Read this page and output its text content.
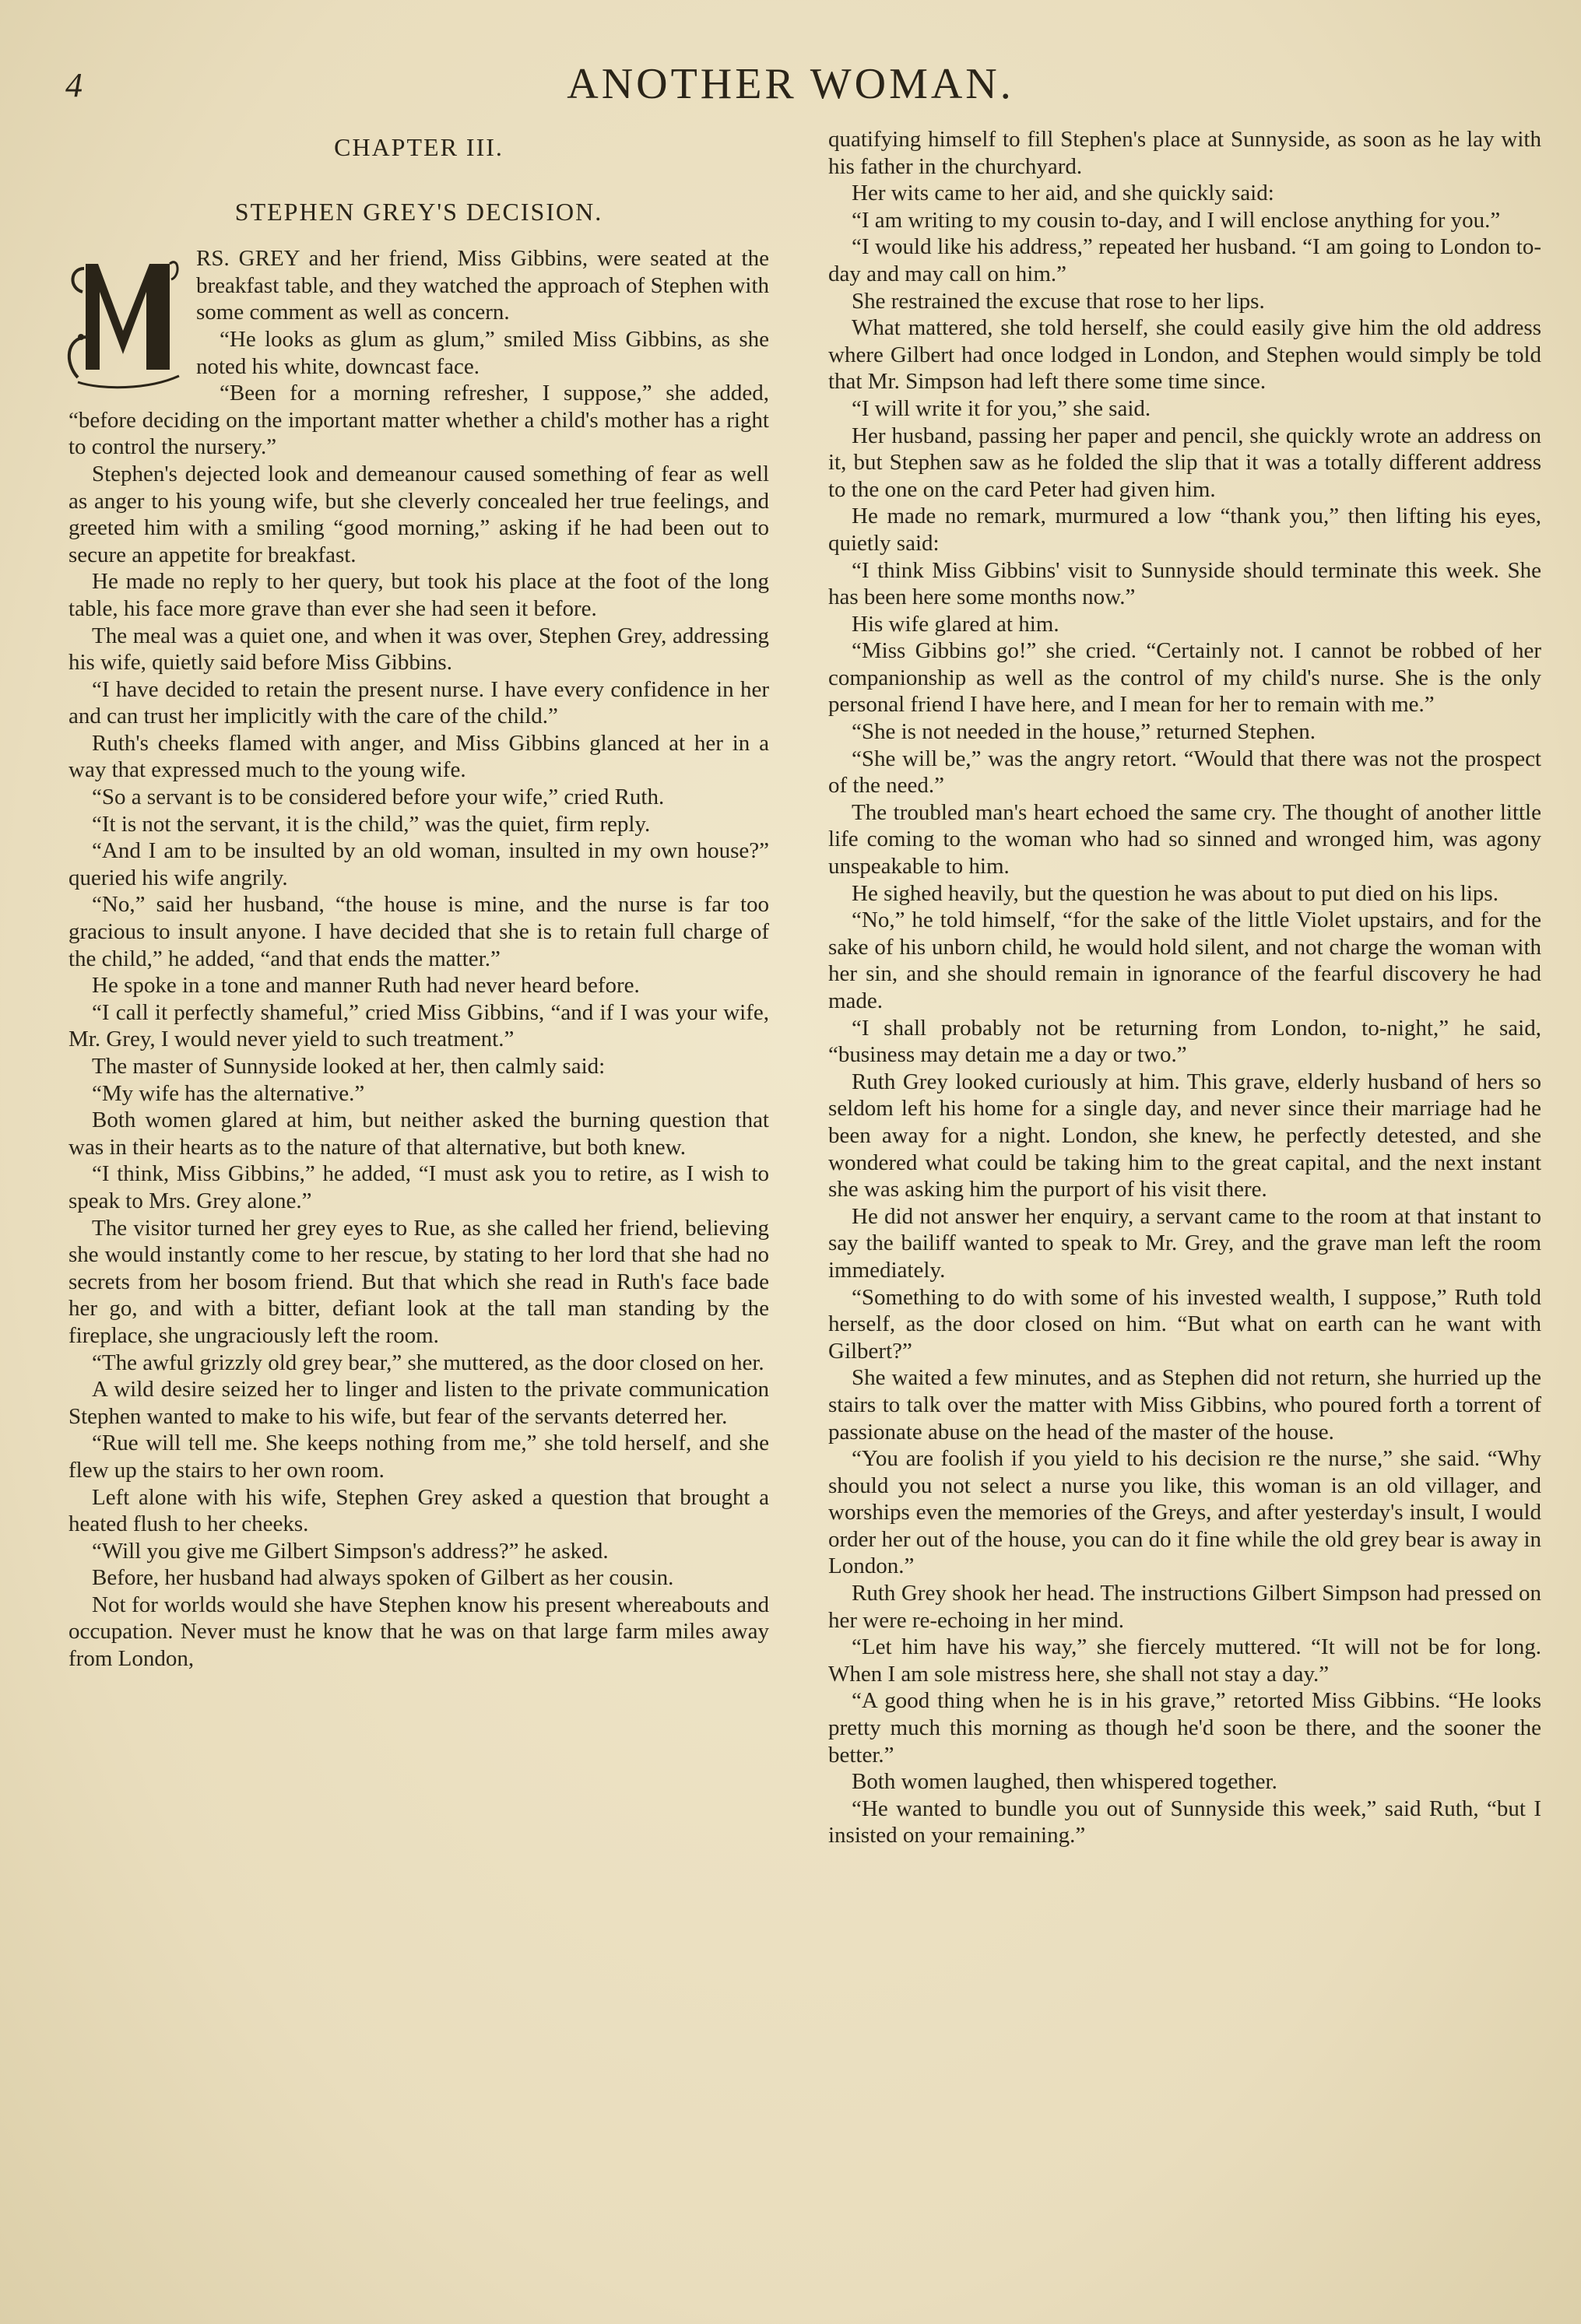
4	ANOTHER WOMAN.
CHAPTER III.
STEPHEN GREY'S DECISION.

RS. GREY and her friend, Miss Gibbins, were seated at the breakfast table, and they watched the approach of Stephen with some comment as well as concern.

“He looks as glum as glum,” smiled Miss Gibbins, as she noted his white, downcast face.

“Been for a morning refresher, I suppose,” she added, “before deciding on the important matter whether a child's mother has a right to control the nursery.”

Stephen's dejected look and demeanour caused something of fear as well as anger to his young wife, but she cleverly concealed her true feelings, and greeted him with a smiling “good morning,” asking if he had been out to secure an appetite for breakfast.

He made no reply to her query, but took his place at the foot of the long table, his face more grave than ever she had seen it before.

The meal was a quiet one, and when it was over, Stephen Grey, addressing his wife, quietly said before Miss Gibbins.

“I have decided to retain the present nurse. I have every confidence in her and can trust her implicitly with the care of the child.”

Ruth's cheeks flamed with anger, and Miss Gibbins glanced at her in a way that expressed much to the young wife.

“So a servant is to be considered before your wife,” cried Ruth.

“It is not the servant, it is the child,” was the quiet, firm reply.

“And I am to be insulted by an old woman, insulted in my own house?” queried his wife angrily.

“No,” said her husband, “the house is mine, and the nurse is far too gracious to insult anyone. I have decided that she is to retain full charge of the child,” he added, “and that ends the matter.”

He spoke in a tone and manner Ruth had never heard before.

“I call it perfectly shameful,” cried Miss Gibbins, “and if I was your wife, Mr. Grey, I would never yield to such treatment.”

The master of Sunnyside looked at her, then calmly said:

“My wife has the alternative.”

Both women glared at him, but neither asked the burning question that was in their hearts as to the nature of that alternative, but both knew.

“I think, Miss Gibbins,” he added, “I must ask you to retire, as I wish to speak to Mrs. Grey alone.”

The visitor turned her grey eyes to Rue, as she called her friend, believing she would instantly come to her rescue, by stating to her lord that she had no secrets from her bosom friend. But that which she read in Ruth's face bade her go, and with a bitter, defiant look at the tall man standing by the fireplace, she ungraciously left the room.

“The awful grizzly old grey bear,” she muttered, as the door closed on her.

A wild desire seized her to linger and listen to the private communication Stephen wanted to make to his wife, but fear of the servants deterred her.

“Rue will tell me. She keeps nothing from me,” she told herself, and she flew up the stairs to her own room.

Left alone with his wife, Stephen Grey asked a question that brought a heated flush to her cheeks.

“Will you give me Gilbert Simpson's address?” he asked.

Before, her husband had always spoken of Gilbert as her cousin.

Not for worlds would she have Stephen know his present whereabouts and occupation. Never must he know that he was on that large farm miles away from London,

quatifying himself to fill Stephen's place at Sunnyside, as soon as he lay with his father in the churchyard.

Her wits came to her aid, and she quickly said:

“I am writing to my cousin to-day, and I will enclose anything for you.”

“I would like his address,” repeated her husband. “I am going to London to-day and may call on him.”

She restrained the excuse that rose to her lips.

What mattered, she told herself, she could easily give him the old address where Gilbert had once lodged in London, and Stephen would simply be told that Mr. Simpson had left there some time since.

“I will write it for you,” she said.

Her husband, passing her paper and pencil, she quickly wrote an address on it, but Stephen saw as he folded the slip that it was a totally different address to the one on the card Peter had given him.

He made no remark, murmured a low “thank you,” then lifting his eyes, quietly said:

“I think Miss Gibbins' visit to Sunnyside should terminate this week. She has been here some months now.”

His wife glared at him.

“Miss Gibbins go!” she cried. “Certainly not. I cannot be robbed of her companionship as well as the control of my child's nurse. She is the only personal friend I have here, and I mean for her to remain with me.”

“She is not needed in the house,” returned Stephen.

“She will be,” was the angry retort. “Would that there was not the prospect of the need.”

The troubled man's heart echoed the same cry. The thought of another little life coming to the woman who had so sinned and wronged him, was agony unspeakable to him.

He sighed heavily, but the question he was about to put died on his lips.

“No,” he told himself, “for the sake of the little Violet upstairs, and for the sake of his unborn child, he would hold silent, and not charge the woman with her sin, and she should remain in ignorance of the fearful discovery he had made.

“I shall probably not be returning from London, to-night,” he said, “business may detain me a day or two.”

Ruth Grey looked curiously at him. This grave, elderly husband of hers so seldom left his home for a single day, and never since their marriage had he been away for a night. London, she knew, he perfectly detested, and she wondered what could be taking him to the great capital, and the next instant she was asking him the purport of his visit there.

He did not answer her enquiry, a servant came to the room at that instant to say the bailiff wanted to speak to Mr. Grey, and the grave man left the room immediately.

“Something to do with some of his invested wealth, I suppose,” Ruth told herself, as the door closed on him. “But what on earth can he want with Gilbert?”

She waited a few minutes, and as Stephen did not return, she hurried up the stairs to talk over the matter with Miss Gibbins, who poured forth a torrent of passionate abuse on the head of the master of the house.

“You are foolish if you yield to his decision re the nurse,” she said. “Why should you not select a nurse you like, this woman is an old villager, and worships even the memories of the Greys, and after yesterday's insult, I would order her out of the house, you can do it fine while the old grey bear is away in London.”

Ruth Grey shook her head. The instructions Gilbert Simpson had pressed on her were re-echoing in her mind.

“Let him have his way,” she fiercely muttered. “It will not be for long. When I am sole mistress here, she shall not stay a day.”

“A good thing when he is in his grave,” retorted Miss Gibbins. “He looks pretty much this morning as though he'd soon be there, and the sooner the better.”

Both women laughed, then whispered together.

“He wanted to bundle you out of Sunnyside this week,” said Ruth, “but I insisted on your remaining.”
